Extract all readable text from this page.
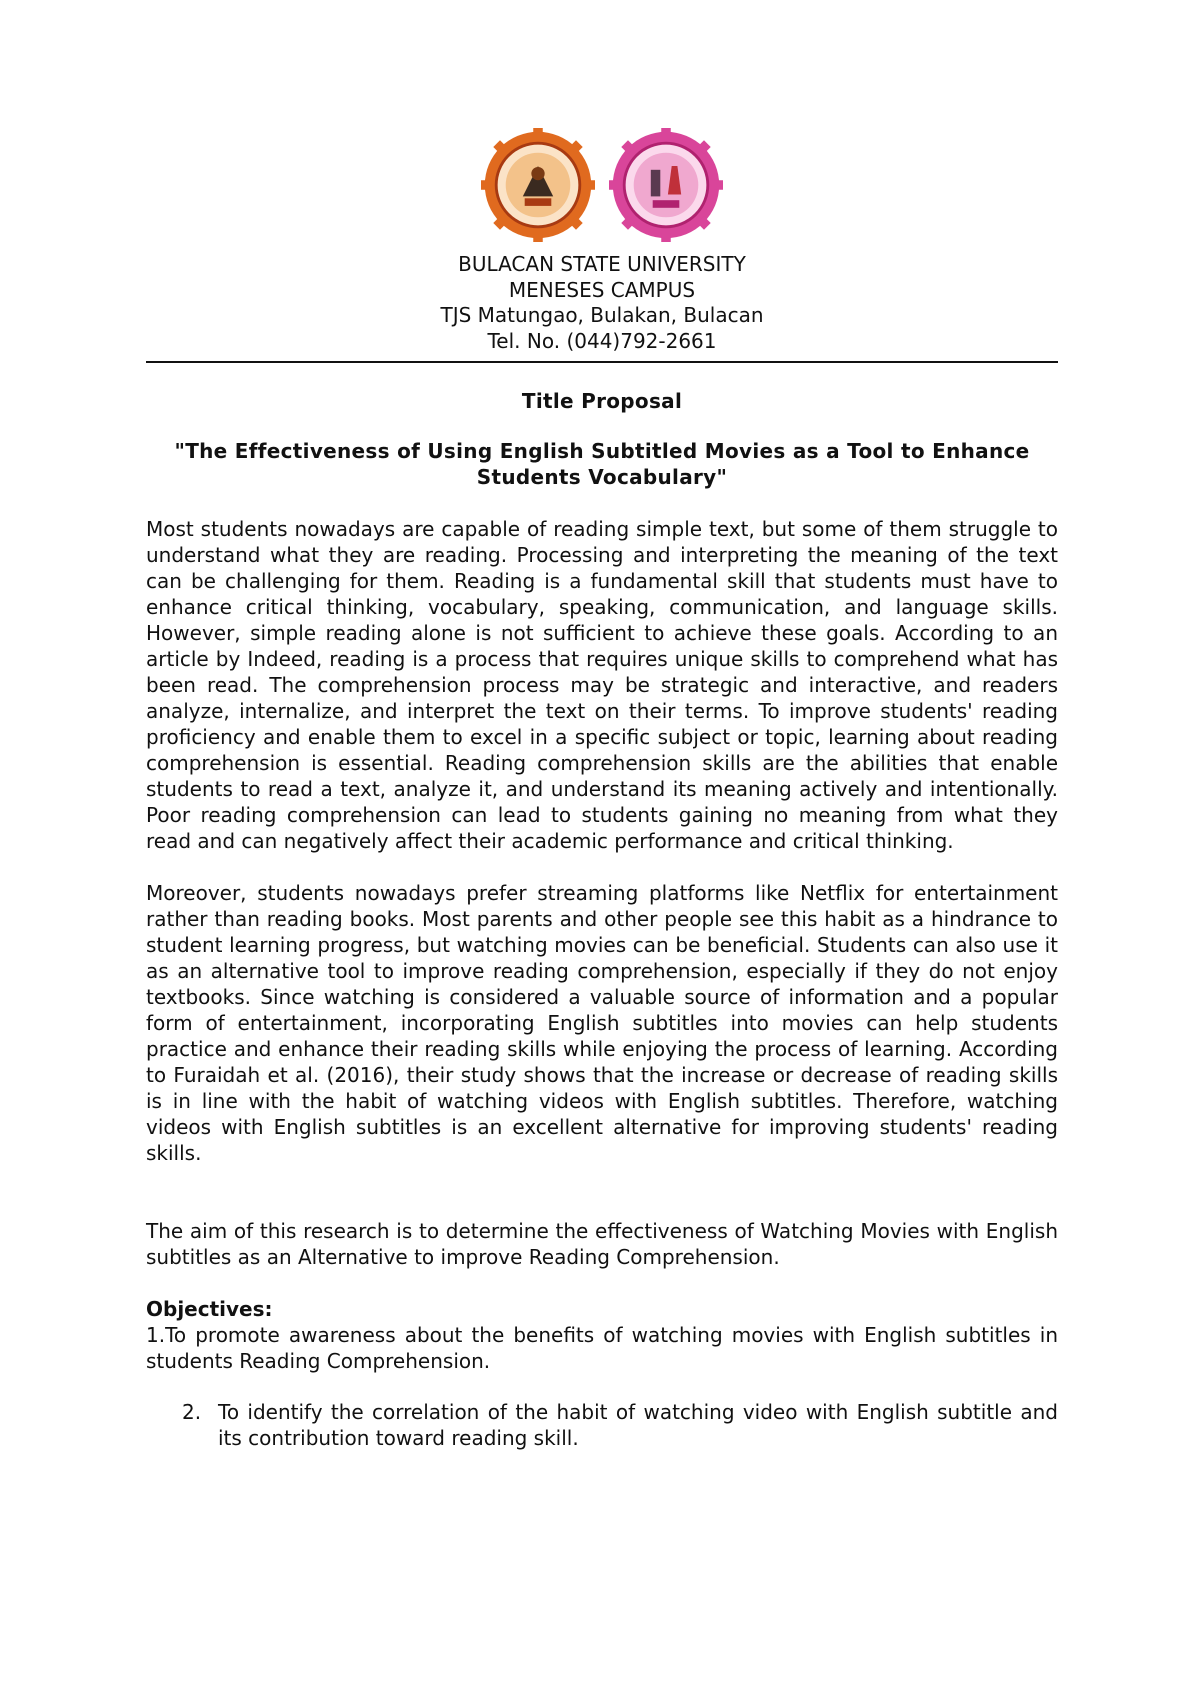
BULACAN STATE UNIVERSITY
MENESES CAMPUS
TJS Matungao, Bulakan, Bulacan
Tel. No. (044)792-2661
Title Proposal
"The Effectiveness of Using English Subtitled Movies as a Tool to Enhance Students Vocabulary"

Most students nowadays are capable of reading simple text, but some of them struggle to understand what they are reading. Processing and interpreting the meaning of the text can be challenging for them. Reading is a fundamental skill that students must have to enhance critical thinking, vocabulary, speaking, communication, and language skills. However, simple reading alone is not sufficient to achieve these goals. According to an article by Indeed, reading is a process that requires unique skills to comprehend what has been read. The comprehension process may be strategic and interactive, and readers analyze, internalize, and interpret the text on their terms. To improve students' reading proficiency and enable them to excel in a specific subject or topic, learning about reading comprehension is essential. Reading comprehension skills are the abilities that enable students to read a text, analyze it, and understand its meaning actively and intentionally. Poor reading comprehension can lead to students gaining no meaning from what they read and can negatively affect their academic performance and critical thinking.

Moreover, students nowadays prefer streaming platforms like Netflix for entertainment rather than reading books. Most parents and other people see this habit as a hindrance to student learning progress, but watching movies can be beneficial. Students can also use it as an alternative tool to improve reading comprehension, especially if they do not enjoy textbooks. Since watching is considered a valuable source of information and a popular form of entertainment, incorporating English subtitles into movies can help students practice and enhance their reading skills while enjoying the process of learning. According to Furaidah et al. (2016), their study shows that the increase or decrease of reading skills is in line with the habit of watching videos with English subtitles. Therefore, watching videos with English subtitles is an excellent alternative for improving students' reading skills.

The aim of this research is to determine the effectiveness of Watching Movies with English subtitles as an Alternative to improve Reading Comprehension.

Objectives:

1.To promote awareness about the benefits of watching movies with English subtitles in students Reading Comprehension.

2. To identify the correlation of the habit of watching video with English subtitle and its contribution toward reading skill.
